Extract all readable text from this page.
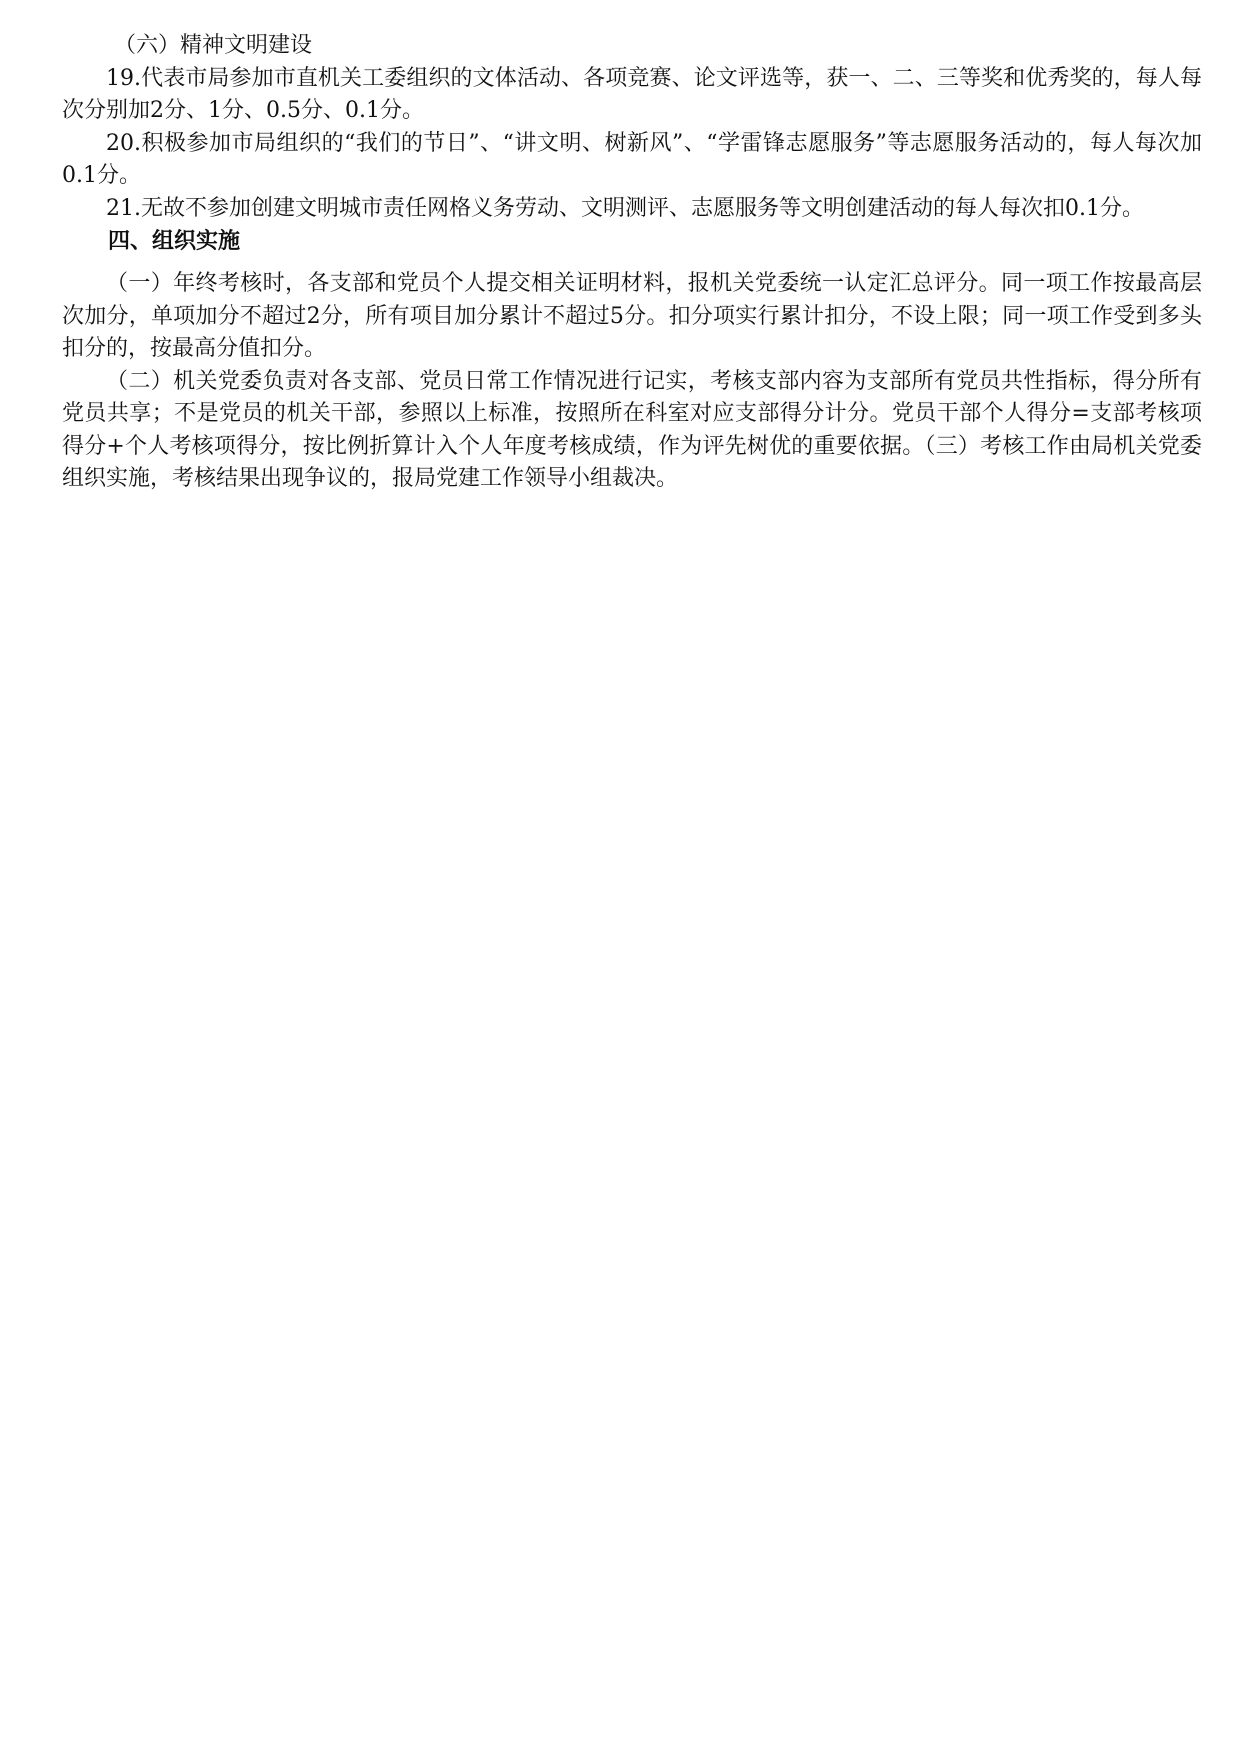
（六）精神文明建设

19.代表市局参加市直机关工委组织的文体活动、各项竞赛、论文评选等，获一、二、三等奖和优秀奖的，每人每次分别加2分、1分、0.5分、0.1分。

20.积极参加市局组织的“我们的节日”、“讲文明、树新风”、“学雷锋志愿服务”等志愿服务活动的，每人每次加0.1分。

21.无故不参加创建文明城市责任网格义务劳动、文明测评、志愿服务等文明创建活动的每人每次扣0.1分。

四、组织实施

（一）年终考核时，各支部和党员个人提交相关证明材料，报机关党委统一认定汇总评分。同一项工作按最高层次加分，单项加分不超过2分，所有项目加分累计不超过5分。扣分项实行累计扣分，不设上限；同一项工作受到多头扣分的，按最高分值扣分。

（二）机关党委负责对各支部、党员日常工作情况进行记实，考核支部内容为支部所有党员共性指标，得分所有党员共享；不是党员的机关干部，参照以上标准，按照所在科室对应支部得分计分。党员干部个人得分=支部考核项得分+个人考核项得分，按比例折算计入个人年度考核成绩，作为评先树优的重要依据。（三）考核工作由局机关党委组织实施，考核结果出现争议的，报局党建工作领导小组裁决。
